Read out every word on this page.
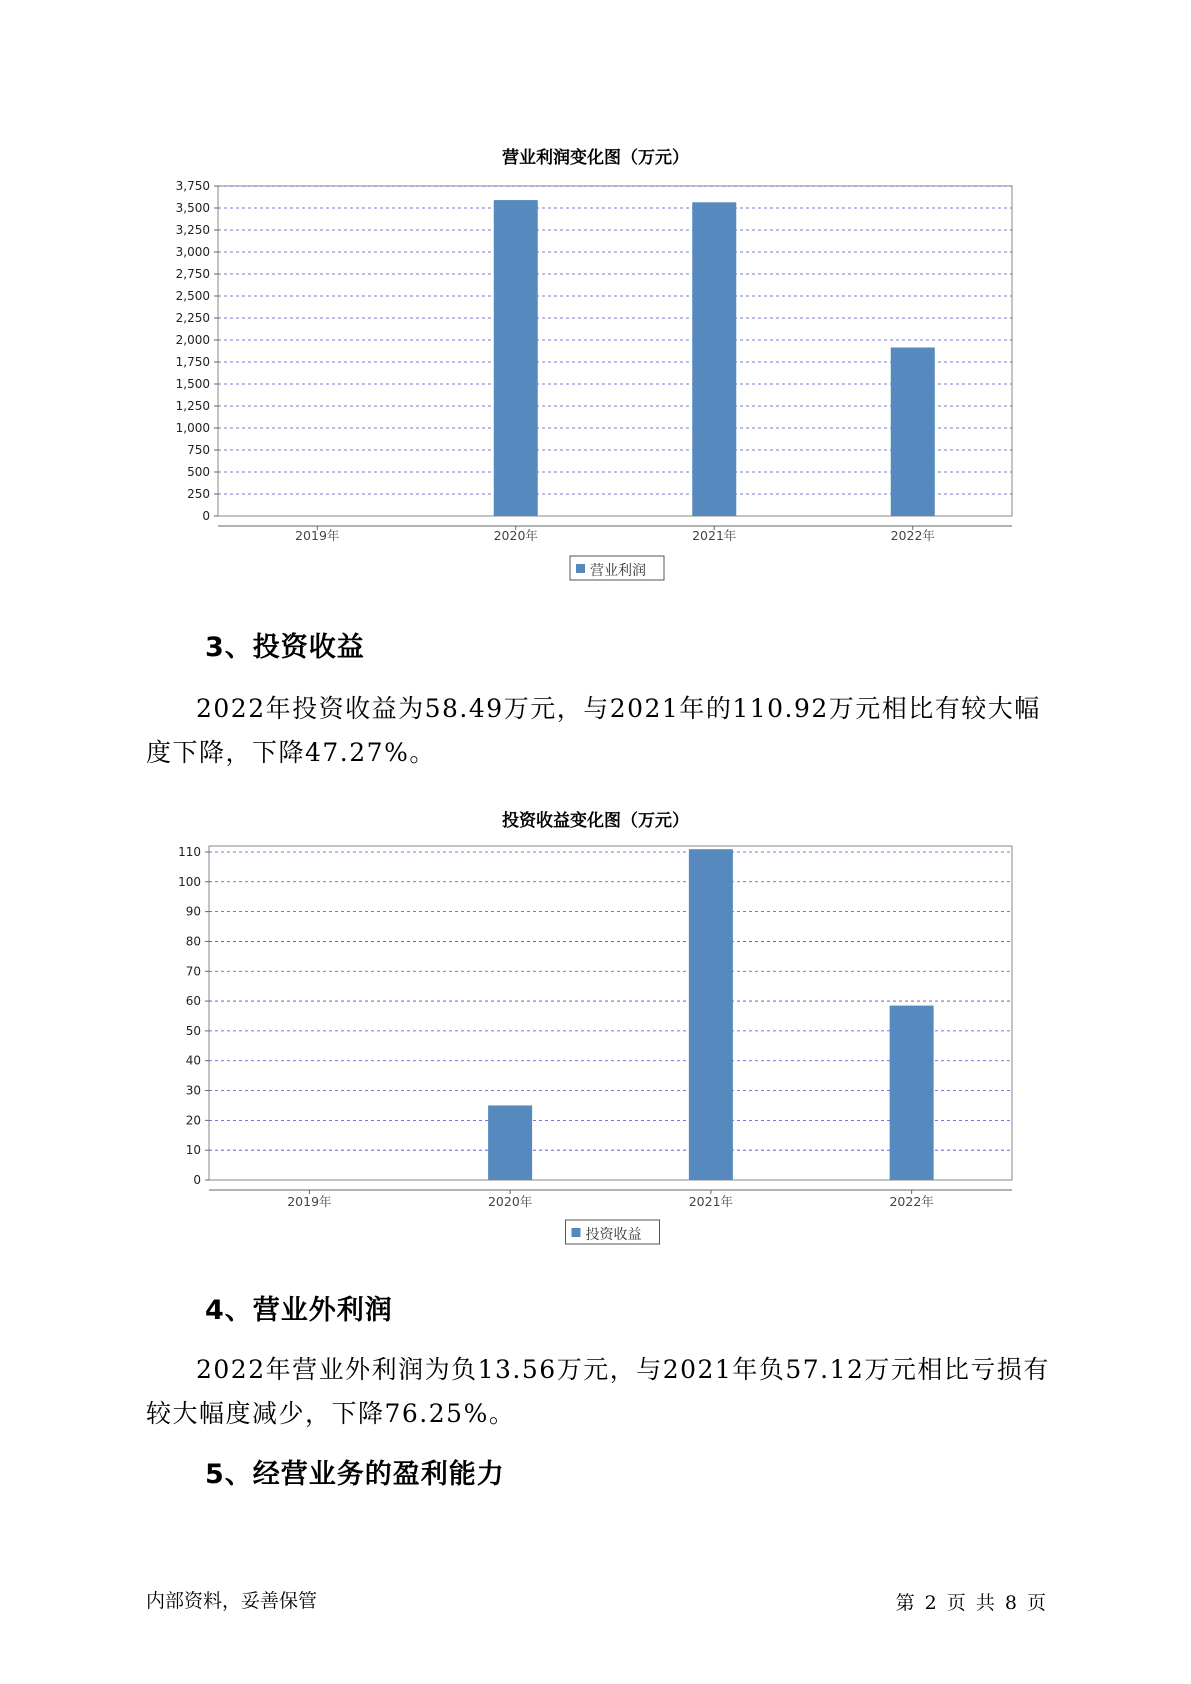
营业利润变化图（万元）
0
250
500
750
1,000
1,250
1,500
1,750
2,000
2,250
2,500
2,750
3,000
3,250
3,500
3,750
2019年	2020年	2021年	2022年
营业利润
3、投资收益
2022年投资收益为58.49万元，与2021年的110.92万元相比有较大幅度下降，下降47.27%。
投资收益变化图（万元）
0
10
20
30
40
50
60
70
80
90
100
110
2019年	2020年	2021年	2022年
投资收益
4、营业外利润
2022年营业外利润为负13.56万元，与2021年负57.12万元相比亏损有较大幅度减少，下降76.25%。
5、经营业务的盈利能力
内部资料，妥善保管	第 2 页 共 8 页
